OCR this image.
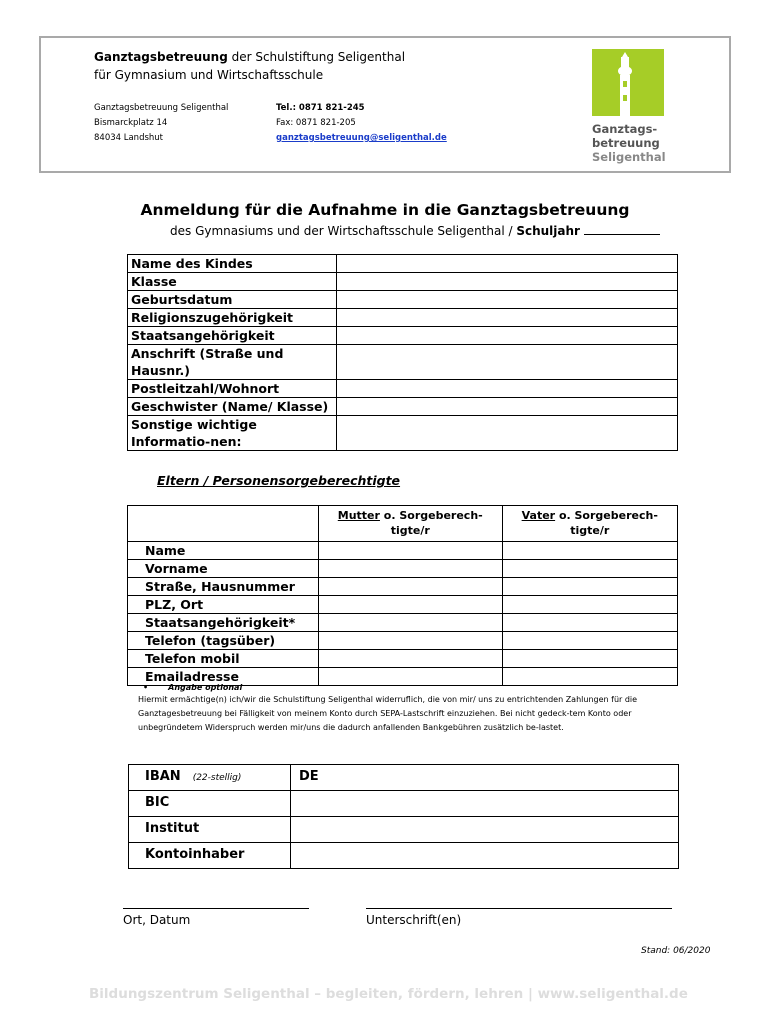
Ganztagsbetreuung der Schulstiftung Seligenthal
für Gymnasium und Wirtschaftsschule
Ganztagsbetreuung Seligenthal
Bismarckplatz 14
84034 Landshut
Tel.: 0871 821-245
Fax: 0871 821-205
ganztagsbetreuung@seligenthal.de
Ganztags-
betreuung
Seligenthal
Anmeldung für die Aufnahme in die Ganztagsbetreuung
des Gymnasiums und der Wirtschaftsschule Seligenthal / Schuljahr
Name des Kindes	
Klasse	
Geburtsdatum	
Religionszugehörigkeit	
Staatsangehörigkeit	
Anschrift (Straße und Hausnr.)	
Postleitzahl/Wohnort	
Geschwister (Name/ Klasse)	
Sonstige wichtige Informatio-nen:	
Eltern / Personensorgeberechtigte
	Mutter o. Sorgeberech-tigte/r	Vater o. Sorgeberech-tigte/r
Name		
Vorname		
Straße, Hausnummer		
PLZ, Ort		
Staatsangehörigkeit*		
Telefon (tagsüber)		
Telefon mobil		
Emailadresse		
•	Angabe optional
Hiermit ermächtige(n) ich/wir die Schulstiftung Seligenthal widerruflich, die von mir/ uns zu entrichtenden Zahlungen für die Ganztagesbetreuung bei Fälligkeit von meinem Konto durch SEPA-Lastschrift einzuziehen. Bei nicht gedeck-tem Konto oder unbegründetem Widerspruch werden mir/uns die dadurch anfallenden Bankgebühren zusätzlich be-lastet.
IBAN (22-stellig)	DE
BIC	
Institut	
Kontoinhaber	
Ort, Datum	Unterschrift(en)
Stand: 06/2020
Bildungszentrum Seligenthal – begleiten, fördern, lehren | www.seligenthal.de
